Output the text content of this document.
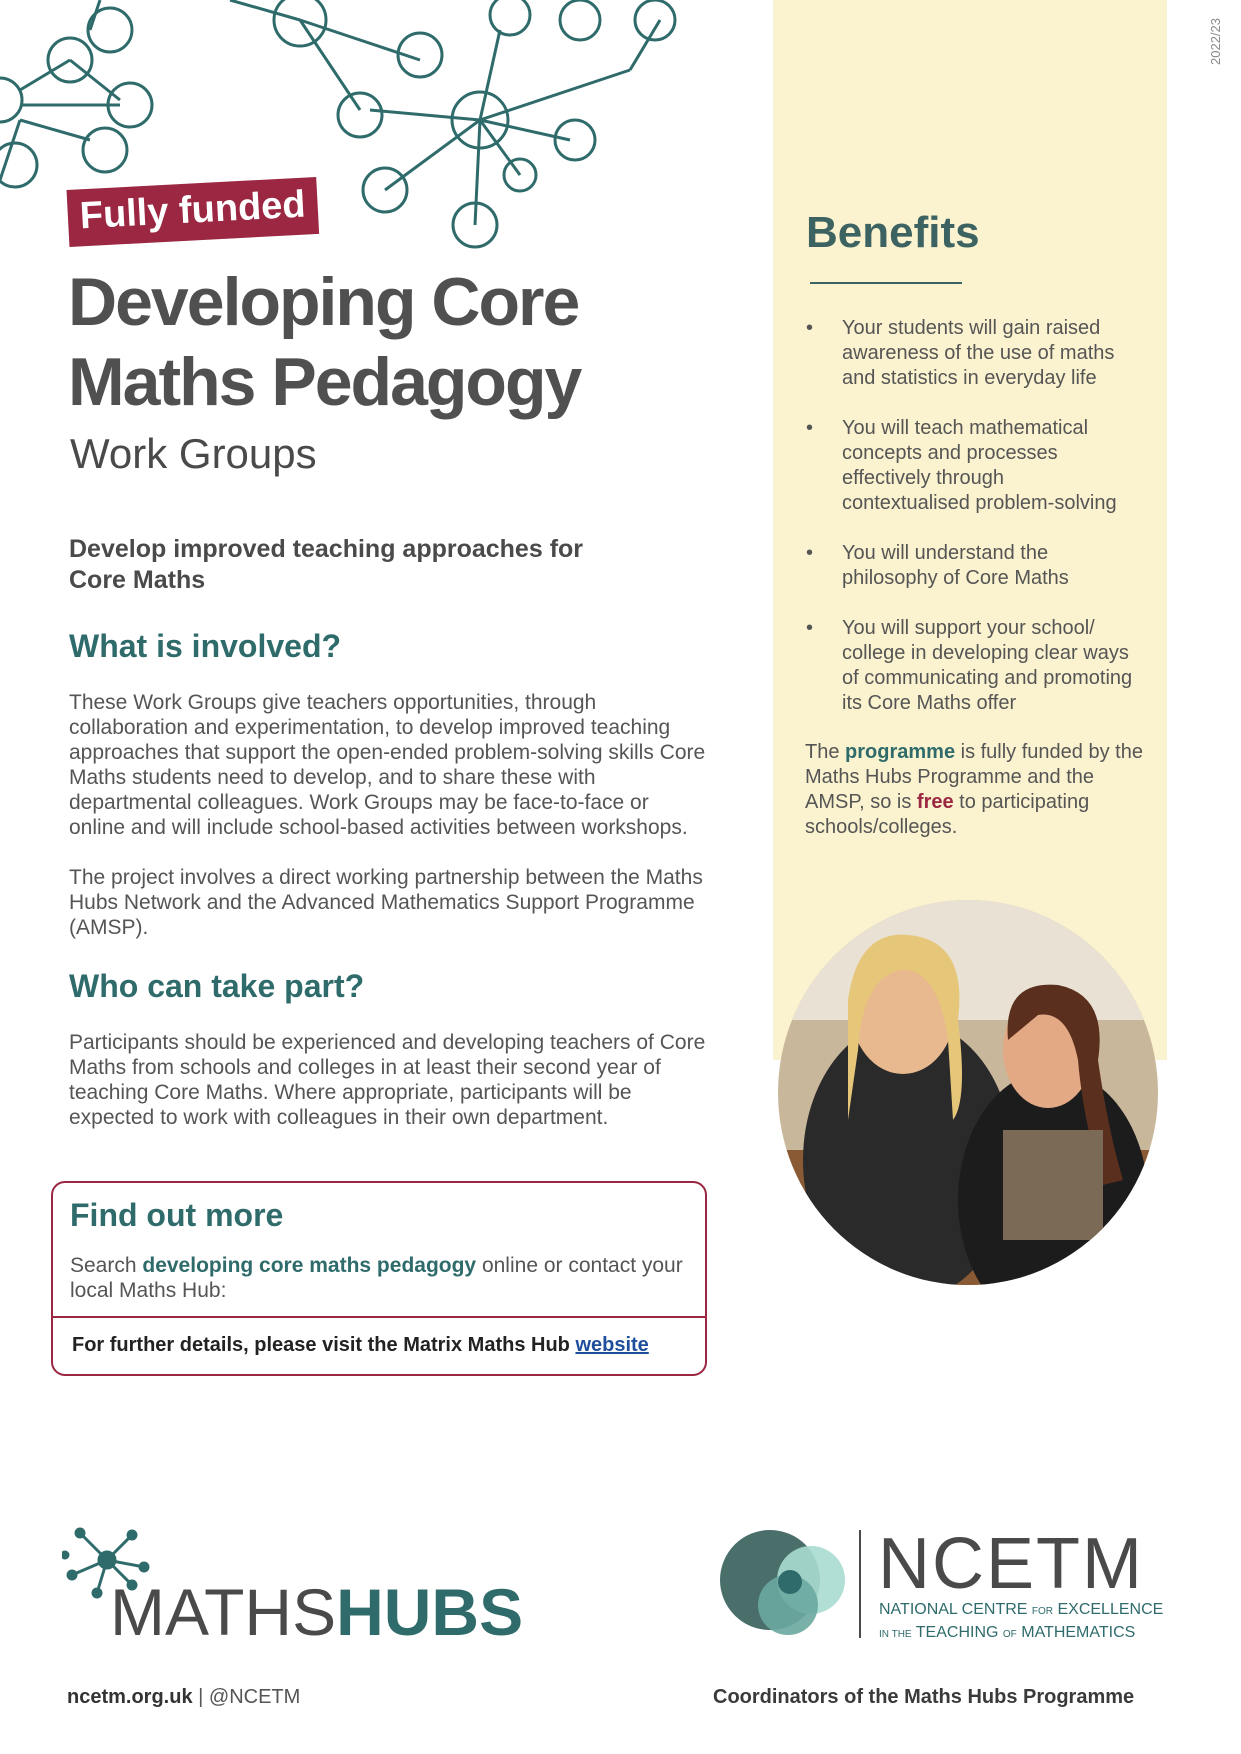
2022/23
Fully funded
Developing Core
Maths Pedagogy
Work Groups
Develop improved teaching approaches for Core Maths
What is involved?

These Work Groups give teachers opportunities, through collaboration and experimentation, to develop improved teaching approaches that support the open-ended problem-solving skills Core Maths students need to develop, and to share these with departmental colleagues. Work Groups may be face-to-face or online and will include school-based activities between workshops.

The project involves a direct working partnership between the Maths Hubs Network and the Advanced Mathematics Support Programme (AMSP).

Who can take part?

Participants should be experienced and developing teachers of Core Maths from schools and colleges in at least their second year of teaching Core Maths. Where appropriate, participants will be expected to work with colleagues in their own department.

Find out more

Search developing core maths pedagogy online or contact your local Maths Hub:

For further details, please visit the Matrix Maths Hub website
Benefits
• Your students will gain raised awareness of the use of maths and statistics in everyday life
• You will teach mathematical concepts and processes effectively through contextualised problem-solving
• You will understand the philosophy of Core Maths
• You will support your school/ college in developing clear ways of communicating and promoting its Core Maths offer
The programme is fully funded by the Maths Hubs Programme and the AMSP, so is free to participating schools/colleges.
MATHSHUBS
NCETM
NATIONAL CENTRE FOR EXCELLENCE
IN THE TEACHING OF MATHEMATICS
ncetm.org.uk | @NCETM	Coordinators of the Maths Hubs Programme
